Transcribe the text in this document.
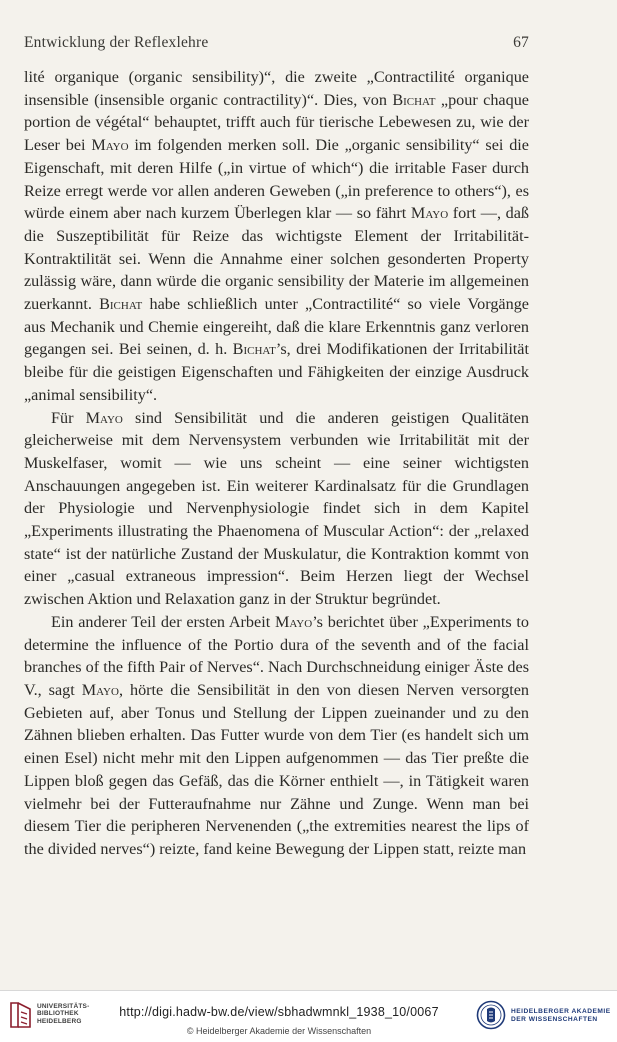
Entwicklung der Reflexlehre	67

lité organique (organic sensibility)“, die zweite „Contractilité organique insensible (insensible organic contractility)“. Dies, von Bichat „pour chaque portion de végétal“ behauptet, trifft auch für tierische Lebewesen zu, wie der Leser bei Mayo im folgenden merken soll. Die „organic sensibility“ sei die Eigenschaft, mit deren Hilfe („in virtue of which“) die irritable Faser durch Reize erregt werde vor allen anderen Geweben („in preference to others“), es würde einem aber nach kurzem Überlegen klar — so fährt Mayo fort —, daß die Suszeptibilität für Reize das wichtigste Element der Irritabilität-Kontraktilität sei. Wenn die Annahme einer solchen gesonderten Property zulässig wäre, dann würde die organic sensibility der Materie im allgemeinen zuerkannt. Bichat habe schließlich unter „Contractilité“ so viele Vorgänge aus Mechanik und Chemie eingereiht, daß die klare Erkenntnis ganz verloren gegangen sei. Bei seinen, d. h. Bichat’s, drei Modifikationen der Irritabilität bleibe für die geistigen Eigenschaften und Fähigkeiten der einzige Ausdruck „animal sensibility“.

Für Mayo sind Sensibilität und die anderen geistigen Qualitäten gleicherweise mit dem Nervensystem verbunden wie Irritabilität mit der Muskelfaser, womit — wie uns scheint — eine seiner wichtigsten Anschauungen angegeben ist. Ein weiterer Kardinalsatz für die Grundlagen der Physiologie und Nervenphysiologie findet sich in dem Kapitel „Experiments illustrating the Phaenomena of Muscular Action“: der „relaxed state“ ist der natürliche Zustand der Muskulatur, die Kontraktion kommt von einer „casual extraneous impression“. Beim Herzen liegt der Wechsel zwischen Aktion und Relaxation ganz in der Struktur begründet.

Ein anderer Teil der ersten Arbeit Mayo’s berichtet über „Experiments to determine the influence of the Portio dura of the seventh and of the facial branches of the fifth Pair of Nerves“. Nach Durchschneidung einiger Äste des V., sagt Mayo, hörte die Sensibilität in den von diesen Nerven versorgten Gebieten auf, aber Tonus und Stellung der Lippen zueinander und zu den Zähnen blieben erhalten. Das Futter wurde von dem Tier (es handelt sich um einen Esel) nicht mehr mit den Lippen aufgenommen — das Tier preßte die Lippen bloß gegen das Gefäß, das die Körner enthielt —, in Tätigkeit waren vielmehr bei der Futteraufnahme nur Zähne und Zunge. Wenn man bei diesem Tier die peripheren Nervenenden („the extremities nearest the lips of the divided nerves“) reizte, fand keine Bewegung der Lippen statt, reizte man

UNIVERSITÄTS-
BIBLIOTHEK
HEIDELBERG
http://digi.hadw-bw.de/view/sbhadwmnkl_1938_10/0067
© Heidelberger Akademie der Wissenschaften
HEIDELBERGER AKADEMIE
DER WISSENSCHAFTEN
